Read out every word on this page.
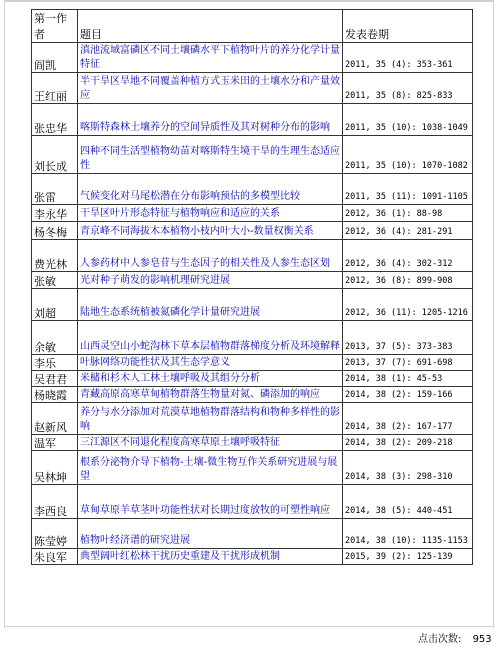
第一作者	题目	发表卷期
阎凯	滇池流域富磷区不同土壤磷水平下植物叶片的养分化学计量特征	2011, 35 (4): 353-361
王红丽	半干旱区旱地不同覆盖种植方式玉米田的土壤水分和产量效应	2011, 35 (8): 825-833
张忠华	喀斯特森林土壤养分的空间异质性及其对树种分布的影响	2011, 35 (10): 1038-1049
刘长成	四种不同生活型植物幼苗对喀斯特生境干旱的生理生态适应性	2011, 35 (10): 1070-1082
张雷	气候变化对马尾松潜在分布影响预估的多模型比较	2011, 35 (11): 1091-1105
李永华	干旱区叶片形态特征与植物响应和适应的关系	2012, 36 (1): 88-98
杨冬梅	青京峰不同海拔木本植物小枝内叶大小-数量权衡关系	2012, 36 (4): 281-291
费光林	人参药材中人参皂苷与生态因子的相关性及人参生态区划	2012, 36 (4): 302-312
张敏	光对种子萌发的影响机理研究进展	2012, 36 (8): 899-908
刘超	陆地生态系统植被氮磷化学计量研究进展	2012, 36 (11): 1205-1216
余敏	山西灵空山小蛇沟林下草本层植物群落梯度分析及环境解释	2013, 37 (5): 373-383
李乐	叶脉网络功能性状及其生态学意义	2013, 37 (7): 691-698
吴君君	米槠和杉木人工林土壤呼吸及其组分分析	2014, 38 (1): 45-53
杨晓霞	青藏高原高寒草甸植物群落生物量对氮、磷添加的响应	2014, 38 (2): 159-166
赵新风	养分与水分添加对荒漠草地植物群落结构和物种多样性的影响	2014, 38 (2): 167-177
温军	三江源区不同退化程度高寒草原土壤呼吸特征	2014, 38 (2): 209-218
吴林坤	根系分泌物介导下植物-土壤-微生物互作关系研究进展与展望	2014, 38 (3): 298-310
李西良	草甸草原羊草茎叶功能性状对长期过度放牧的可塑性响应	2014, 38 (5): 440-451
陈莹婷	植物叶经济谱的研究进展	2014, 38 (10): 1135-1153
朱良军	典型阔叶红松林干扰历史重建及干扰形成机制	2015, 39 (2): 125-139
点击次数: 953
